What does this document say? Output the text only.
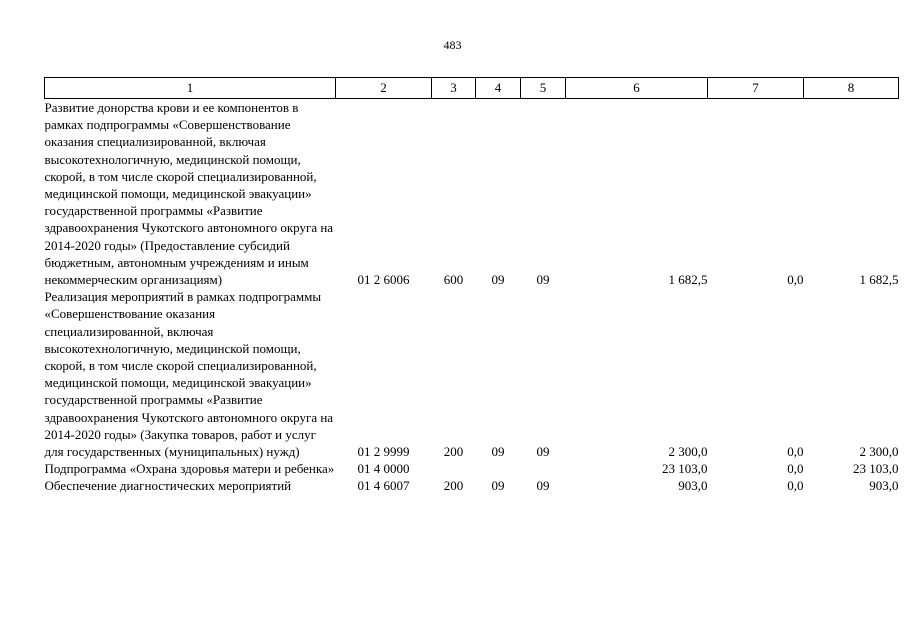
483
1	2	3	4	5	6	7	8
Развитие донорства крови и ее компонентов в рамках подпрограммы «Совершенствование оказания специализированной, включая высокотехнологичную, медицинской помощи, скорой, в том числе скорой специализированной, медицинской помощи, медицинской эвакуации» государственной программы «Развитие здравоохранения Чукотского автономного округа на 2014-2020 годы» (Предоставление субсидий бюджетным, автономным учреждениям и иным некоммерческим организациям)	01 2 6006	600	09	09	1 682,5	0,0	1 682,5
Реализация мероприятий в рамках подпрограммы «Совершенствование оказания специализированной, включая высокотехнологичную, медицинской помощи, скорой, в том числе скорой специализированной, медицинской помощи, медицинской эвакуации» государственной программы «Развитие здравоохранения Чукотского автономного округа на 2014-2020 годы» (Закупка товаров, работ и услуг для государственных (муниципальных) нужд)	01 2 9999	200	09	09	2 300,0	0,0	2 300,0
Подпрограмма «Охрана здоровья матери и ребенка»	01 4 0000				23 103,0	0,0	23 103,0
Обеспечение диагностических мероприятий	01 4 6007	200	09	09	903,0	0,0	903,0
